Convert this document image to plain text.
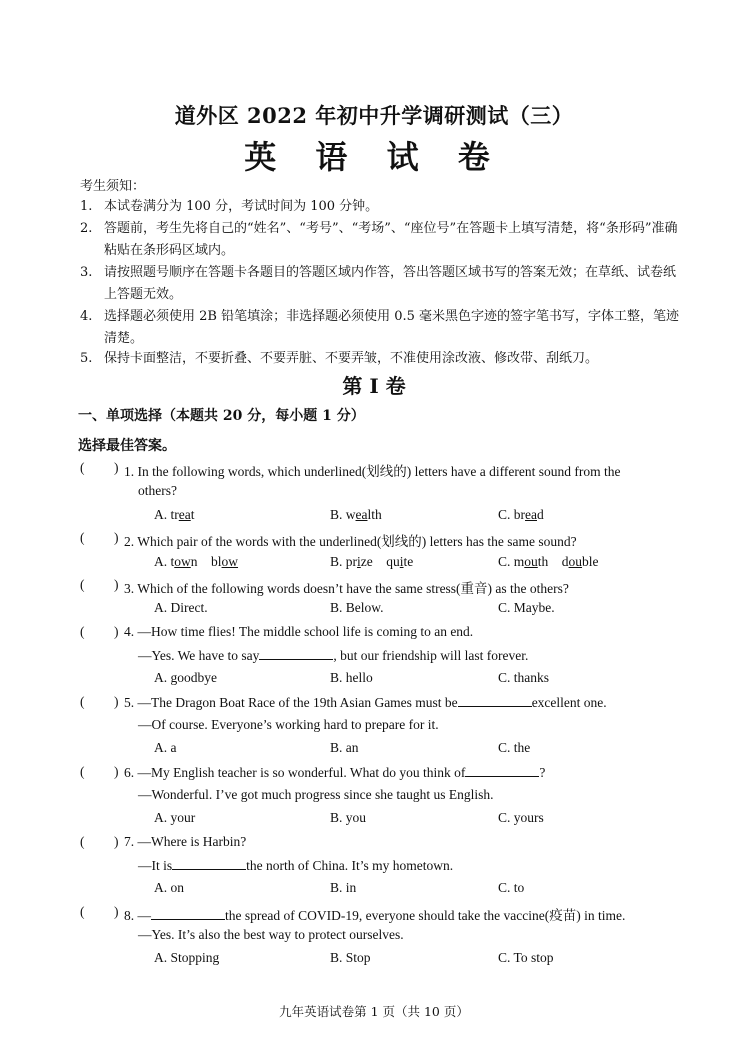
道外区 2022 年初中升学调研测试（三）
英 语 试 卷
考生须知：
1. 本试卷满分为 100 分，考试时间为 100 分钟。
2. 答题前，考生先将自己的“姓名”、“考号”、“考场”、“座位号”在答题卡上填写清楚，将“条形码”准确粘贴在条形码区域内。
3. 请按照题号顺序在答题卡各题目的答题区域内作答，答出答题区域书写的答案无效；在草纸、试卷纸上答题无效。
4. 选择题必须使用 2B 铅笔填涂；非选择题必须使用 0.5 毫米黑色字迹的签字笔书写，字体工整，笔迹清楚。
5. 保持卡面整洁，不要折叠、不要弄脏、不要弄皱，不准使用涂改液、修改带、刮纸刀。
第 I 卷
一、单项选择（本题共 20 分，每小题 1 分）
选择最佳答案。
( ) 1. In the following words, which underlined(划线的) letters have a different sound from the
others?
A. treat	B. wealth	C. bread
( ) 2. Which pair of the words with the underlined(划线的) letters has the same sound?
A. town blow	B. prize quite	C. mouth double
( ) 3. Which of the following words doesn’t have the same stress(重音) as the others?
A. Direct.	B. Below.	C. Maybe.
( ) 4. —How time flies! The middle school life is coming to an end.
—Yes. We have to say	, but our friendship will last forever.
A. goodbye	B. hello	C. thanks
( ) 5. —The Dragon Boat Race of the 19th Asian Games must be	excellent one.
—Of course. Everyone’s working hard to prepare for it.
A. a	B. an	C. the
( ) 6. —My English teacher is so wonderful. What do you think of	?
—Wonderful. I’ve got much progress since she taught us English.
A. your	B. you	C. yours
( ) 7. —Where is Harbin?
—It is	the north of China. It’s my hometown.
A. on	B. in	C. to
( ) 8. —	the spread of COVID-19, everyone should take the vaccine(疫苗) in time.
—Yes. It’s also the best way to protect ourselves.
A. Stopping	B. Stop	C. To stop
九年英语试卷第 1 页（共 10 页）
